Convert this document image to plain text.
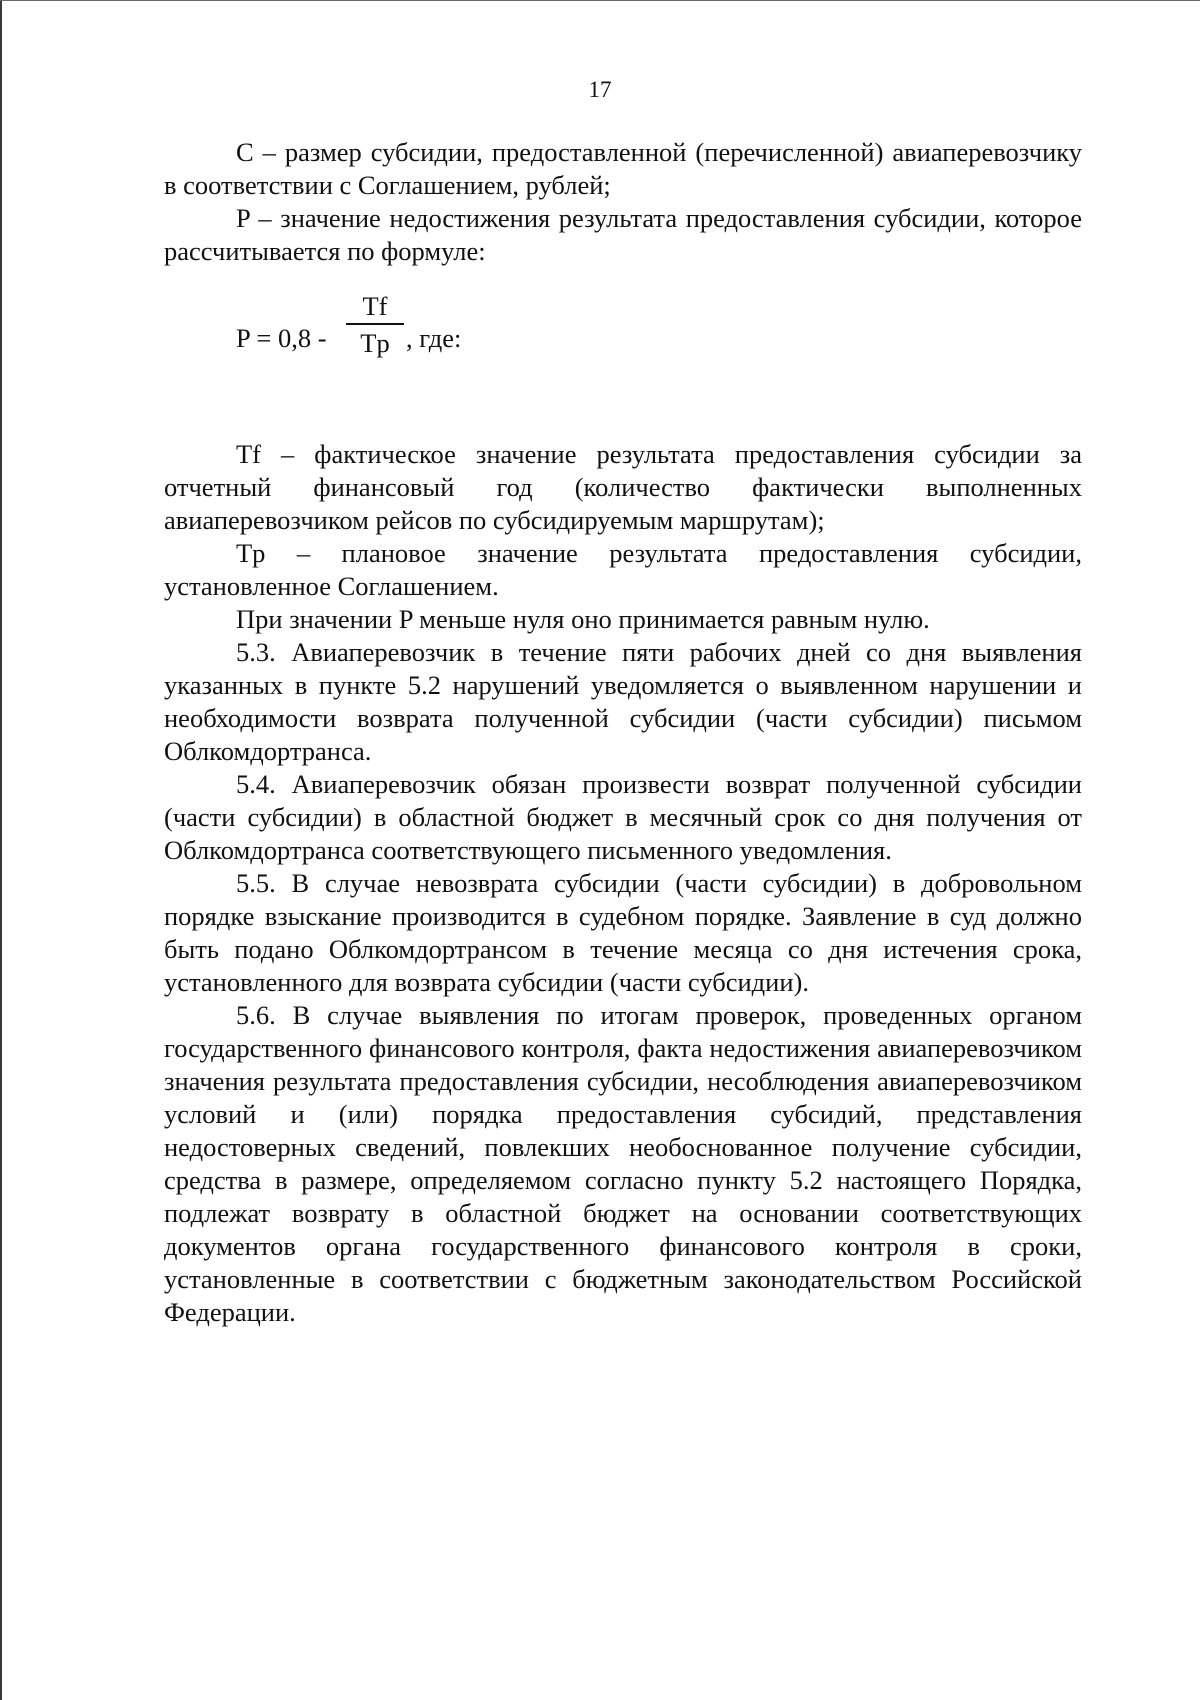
17

C – размер субсидии, предоставленной (перечисленной) авиаперевозчику в соответствии с Соглашением, рублей;

P – значение недостижения результата предоставления субсидии, которое рассчитывается по формуле:

P = 0,8 -
Tf
Tp , где:

Tf – фактическое значение результата предоставления субсидии за отчетный финансовый год (количество фактически выполненных авиаперевозчиком рейсов по субсидируемым маршрутам);

Tp – плановое значение результата предоставления субсидии, установленное Соглашением.

При значении P меньше нуля оно принимается равным нулю.

5.3. Авиаперевозчик в течение пяти рабочих дней со дня выявления указанных в пункте 5.2 нарушений уведомляется о выявленном нарушении и необходимости возврата полученной субсидии (части субсидии) письмом Облкомдортранса.

5.4. Авиаперевозчик обязан произвести возврат полученной субсидии (части субсидии) в областной бюджет в месячный срок со дня получения от Облкомдортранса соответствующего письменного уведомления.

5.5. В случае невозврата субсидии (части субсидии) в добровольном порядке взыскание производится в судебном порядке. Заявление в суд должно быть подано Облкомдортрансом в течение месяца со дня истечения срока, установленного для возврата субсидии (части субсидии).

5.6. В случае выявления по итогам проверок, проведенных органом государственного финансового контроля, факта недостижения авиаперевозчиком значения результата предоставления субсидии, несоблюдения авиаперевозчиком условий и (или) порядка предоставления субсидий, представления недостоверных сведений, повлекших необоснованное получение субсидии, средства в размере, определяемом согласно пункту 5.2 настоящего Порядка, подлежат возврату в областной бюджет на основании соответствующих документов органа государственного финансового контроля в сроки, установленные в соответствии с бюджетным законодательством Российской Федерации.
